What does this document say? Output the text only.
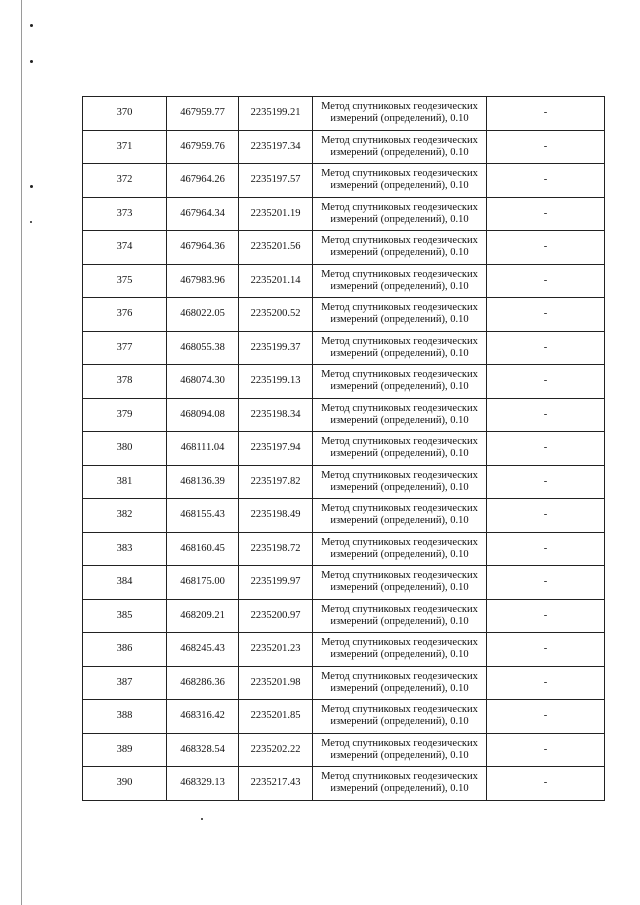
370	467959.77	2235199.21	Метод спутниковых геодезических
измерений (определений), 0.10	-
371	467959.76	2235197.34	Метод спутниковых геодезических
измерений (определений), 0.10	-
372	467964.26	2235197.57	Метод спутниковых геодезических
измерений (определений), 0.10	-
373	467964.34	2235201.19	Метод спутниковых геодезических
измерений (определений), 0.10	-
374	467964.36	2235201.56	Метод спутниковых геодезических
измерений (определений), 0.10	-
375	467983.96	2235201.14	Метод спутниковых геодезических
измерений (определений), 0.10	-
376	468022.05	2235200.52	Метод спутниковых геодезических
измерений (определений), 0.10	-
377	468055.38	2235199.37	Метод спутниковых геодезических
измерений (определений), 0.10	-
378	468074.30	2235199.13	Метод спутниковых геодезических
измерений (определений), 0.10	-
379	468094.08	2235198.34	Метод спутниковых геодезических
измерений (определений), 0.10	-
380	468111.04	2235197.94	Метод спутниковых геодезических
измерений (определений), 0.10	-
381	468136.39	2235197.82	Метод спутниковых геодезических
измерений (определений), 0.10	-
382	468155.43	2235198.49	Метод спутниковых геодезических
измерений (определений), 0.10	-
383	468160.45	2235198.72	Метод спутниковых геодезических
измерений (определений), 0.10	-
384	468175.00	2235199.97	Метод спутниковых геодезических
измерений (определений), 0.10	-
385	468209.21	2235200.97	Метод спутниковых геодезических
измерений (определений), 0.10	-
386	468245.43	2235201.23	Метод спутниковых геодезических
измерений (определений), 0.10	-
387	468286.36	2235201.98	Метод спутниковых геодезических
измерений (определений), 0.10	-
388	468316.42	2235201.85	Метод спутниковых геодезических
измерений (определений), 0.10	-
389	468328.54	2235202.22	Метод спутниковых геодезических
измерений (определений), 0.10	-
390	468329.13	2235217.43	Метод спутниковых геодезических
измерений (определений), 0.10	-
